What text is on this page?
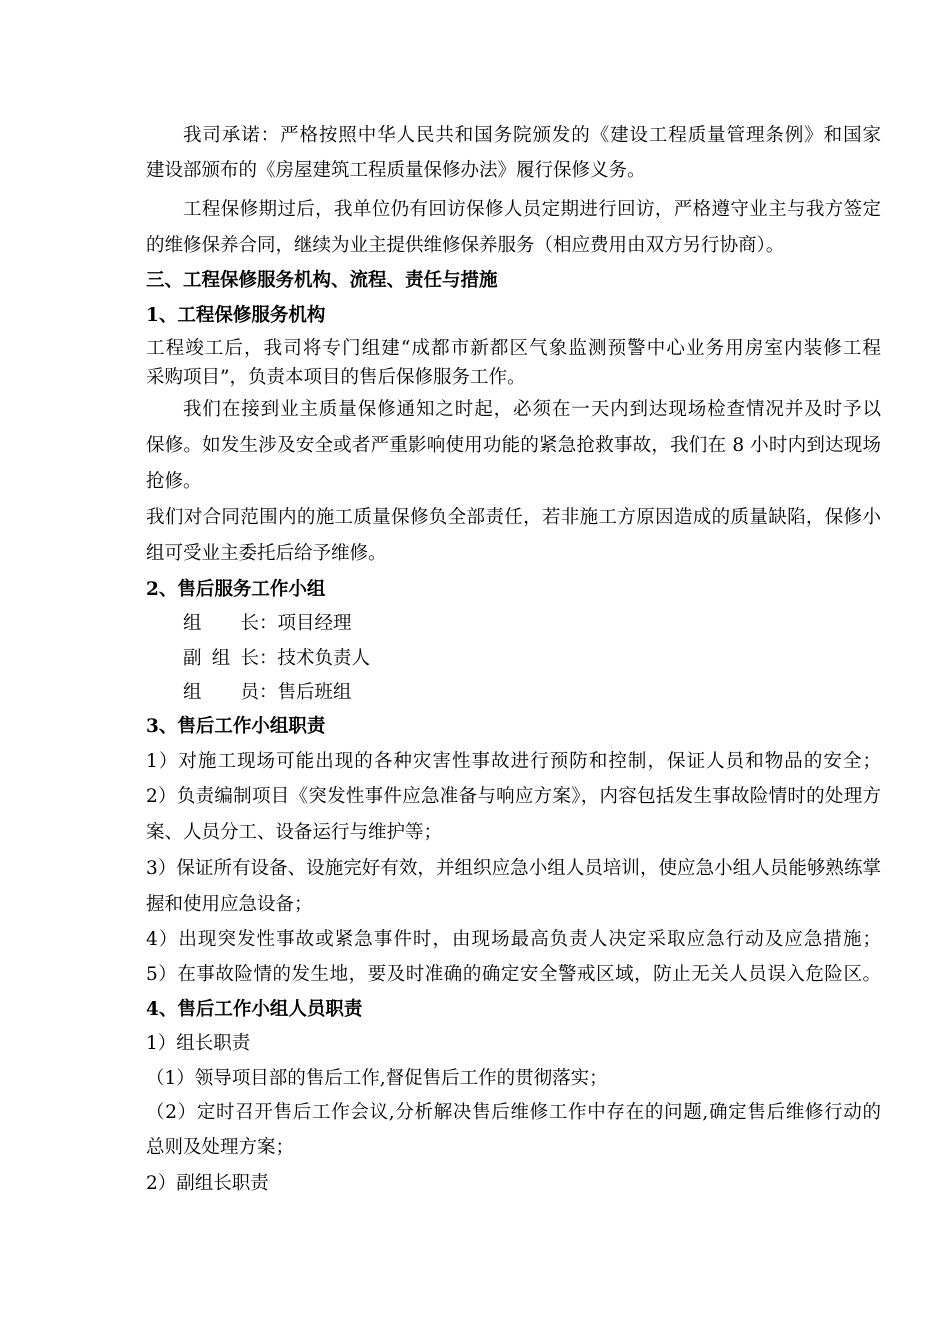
我司承诺：严格按照中华人民共和国务院颁发的《建设工程质量管理条例》和国家
建设部颁布的《房屋建筑工程质量保修办法》履行保修义务。
工程保修期过后，我单位仍有回访保修人员定期进行回访，严格遵守业主与我方签定
的维修保养合同，继续为业主提供维修保养服务（相应费用由双方另行协商）。
三、工程保修服务机构、流程、责任与措施
1、工程保修服务机构
工程竣工后，我司将专门组建“成都市新都区气象监测预警中心业务用房室内装修工程
采购项目”，负责本项目的售后保修服务工作。
我们在接到业主质量保修通知之时起，必须在一天内到达现场检查情况并及时予以
保修。如发生涉及安全或者严重影响使用功能的紧急抢救事故，我们在 8 小时内到达现场
抢修。
我们对合同范围内的施工质量保修负全部责任，若非施工方原因造成的质量缺陷，保修小
组可受业主委托后给予维修。
2、售后服务工作小组
组长：项目经理
副组长：技术负责人
组员：售后班组
3、售后工作小组职责
1）对施工现场可能出现的各种灾害性事故进行预防和控制，保证人员和物品的安全；
2）负责编制项目《突发性事件应急准备与响应方案》，内容包括发生事故险情时的处理方
案、人员分工、设备运行与维护等；
3）保证所有设备、设施完好有效，并组织应急小组人员培训，使应急小组人员能够熟练掌
握和使用应急设备；
4）出现突发性事故或紧急事件时，由现场最高负责人决定采取应急行动及应急措施；
5）在事故险情的发生地，要及时准确的确定安全警戒区域，防止无关人员误入危险区。
4、售后工作小组人员职责
1）组长职责
（1）领导项目部的售后工作,督促售后工作的贯彻落实；
（2）定时召开售后工作会议,分析解决售后维修工作中存在的问题,确定售后维修行动的
总则及处理方案；
2）副组长职责
